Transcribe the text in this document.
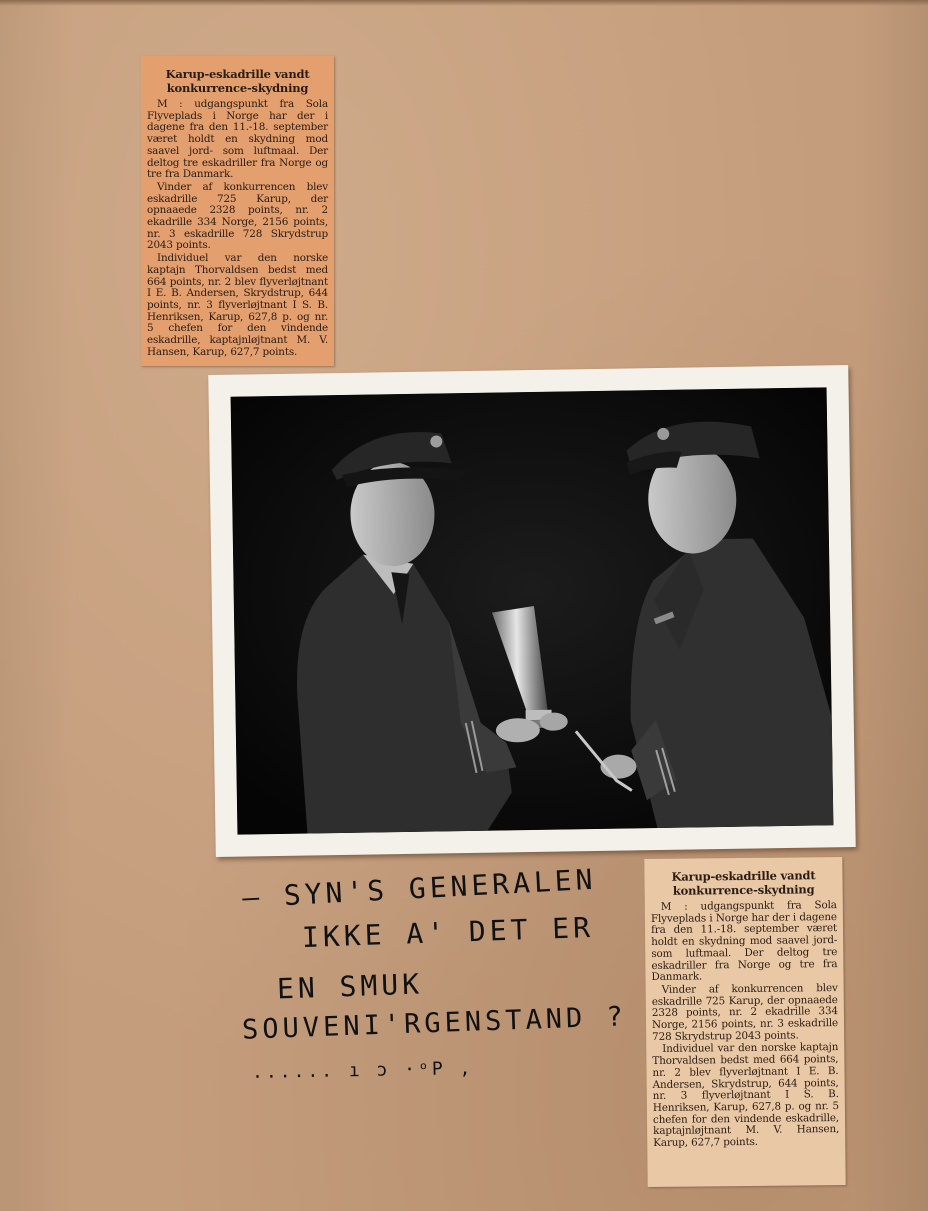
Karup-eskadrille vandt
konkurrence-skydning

M : udgangspunkt fra Sola Flyveplads i Norge har der i dagene fra den 11.-18. september været holdt en skydning mod saavel jord- som luftmaal. Der deltog tre eskadriller fra Norge og tre fra Danmark.

Vinder af konkurrencen blev eskadrille 725 Karup, der opnaaede 2328 points, nr. 2 ekadrille 334 Norge, 2156 points, nr. 3 eskadrille 728 Skrydstrup 2043 points.

Individuel var den norske kaptajn Thorvaldsen bedst med 664 points, nr. 2 blev flyverløjtnant I E. B. Andersen, Skrydstrup, 644 points, nr. 3 flyverløjtnant I S. B. Henriksen, Karup, 627,8 p. og nr. 5 chefen for den vindende eskadrille, kaptajnløjtnant M. V. Hansen, Karup, 627,7 points.

— SYN'S GENERALEN

IKKE A' DET ER

EN SMUK

SOUVENI'RGENSTAND ?

...... ı ɔ ·ᵒP ,

Karup-eskadrille vandt
konkurrence-skydning

M : udgangspunkt fra Sola Flyveplads i Norge har der i dagene fra den 11.-18. september været holdt en skydning mod saavel jord- som luftmaal. Der deltog tre eskadriller fra Norge og tre fra Danmark.

Vinder af konkurrencen blev eskadrille 725 Karup, der opnaaede 2328 points, nr. 2 ekadrille 334 Norge, 2156 points, nr. 3 eskadrille 728 Skrydstrup 2043 points.

Individuel var den norske kaptajn Thorvaldsen bedst med 664 points, nr. 2 blev flyverløjtnant I E. B. Andersen, Skrydstrup, 644 points, nr. 3 flyverløjtnant I S. B. Henriksen, Karup, 627,8 p. og nr. 5 chefen for den vindende eskadrille, kaptajnløjtnant M. V. Hansen, Karup, 627,7 points.
